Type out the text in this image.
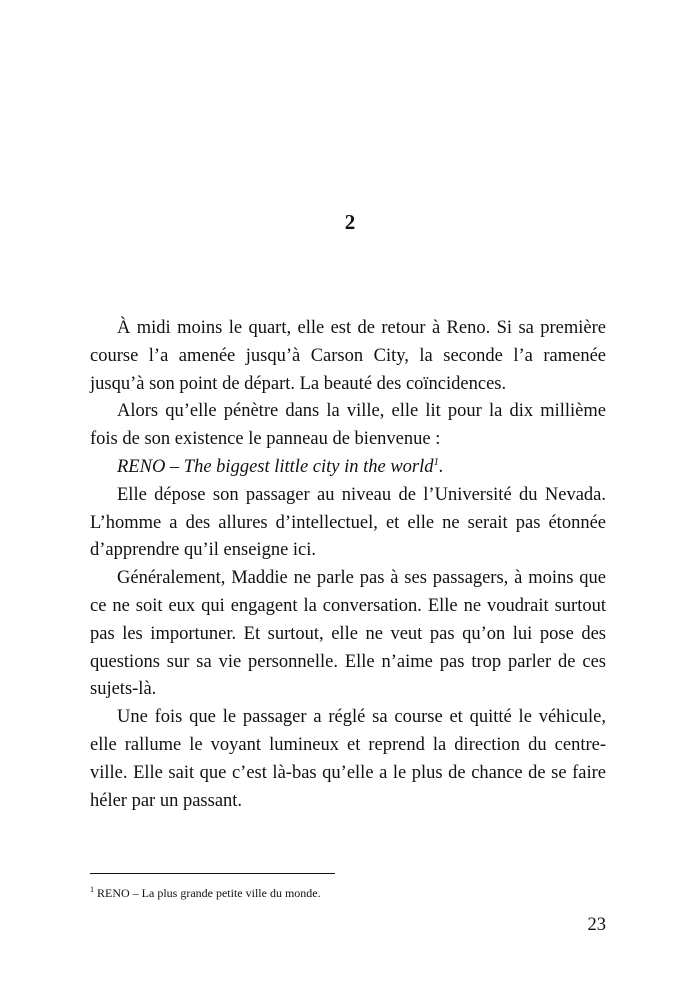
2

À midi moins le quart, elle est de retour à Reno. Si sa première course l’a amenée jusqu’à Carson City, la seconde l’a ramenée jusqu’à son point de départ. La beauté des coïncidences.

Alors qu’elle pénètre dans la ville, elle lit pour la dix millième fois de son existence le panneau de bienvenue :

RENO – The biggest little city in the world$^1$.

Elle dépose son passager au niveau de l’Université du Nevada. L’homme a des allures d’intellectuel, et elle ne serait pas étonnée d’apprendre qu’il enseigne ici.

Généralement, Maddie ne parle pas à ses passagers, à moins que ce ne soit eux qui engagent la conversation. Elle ne voudrait surtout pas les importuner. Et surtout, elle ne veut pas qu’on lui pose des questions sur sa vie personnelle. Elle n’aime pas trop parler de ces sujets-là.

Une fois que le passager a réglé sa course et quitté le véhicule, elle rallume le voyant lumineux et reprend la direction du centre-ville. Elle sait que c’est là-bas qu’elle a le plus de chance de se faire héler par un passant.

$^1$ RENO – La plus grande petite ville du monde.
23
